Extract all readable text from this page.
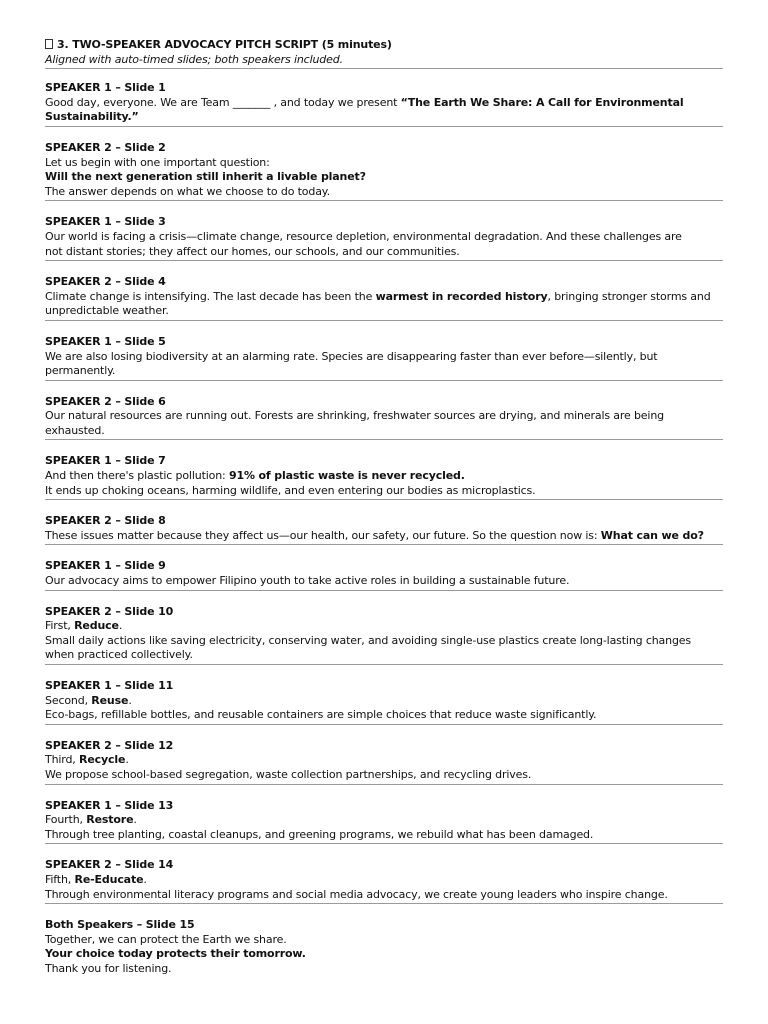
3. TWO-SPEAKER ADVOCACY PITCH SCRIPT (5 minutes)
Aligned with auto-timed slides; both speakers included.
SPEAKER 1 – Slide 1
Good day, everyone. We are Team _______ , and today we present “The Earth We Share: A Call for Environmental
Sustainability.”
SPEAKER 2 – Slide 2
Let us begin with one important question:
Will the next generation still inherit a livable planet?
The answer depends on what we choose to do today.
SPEAKER 1 – Slide 3
Our world is facing a crisis—climate change, resource depletion, environmental degradation. And these challenges are
not distant stories; they affect our homes, our schools, and our communities.
SPEAKER 2 – Slide 4
Climate change is intensifying. The last decade has been the warmest in recorded history, bringing stronger storms and
unpredictable weather.
SPEAKER 1 – Slide 5
We are also losing biodiversity at an alarming rate. Species are disappearing faster than ever before—silently, but
permanently.
SPEAKER 2 – Slide 6
Our natural resources are running out. Forests are shrinking, freshwater sources are drying, and minerals are being
exhausted.
SPEAKER 1 – Slide 7
And then there's plastic pollution: 91% of plastic waste is never recycled.
It ends up choking oceans, harming wildlife, and even entering our bodies as microplastics.
SPEAKER 2 – Slide 8
These issues matter because they affect us—our health, our safety, our future. So the question now is: What can we do?
SPEAKER 1 – Slide 9
Our advocacy aims to empower Filipino youth to take active roles in building a sustainable future.
SPEAKER 2 – Slide 10
First, Reduce.
Small daily actions like saving electricity, conserving water, and avoiding single-use plastics create long-lasting changes
when practiced collectively.
SPEAKER 1 – Slide 11
Second, Reuse.
Eco-bags, refillable bottles, and reusable containers are simple choices that reduce waste significantly.
SPEAKER 2 – Slide 12
Third, Recycle.
We propose school-based segregation, waste collection partnerships, and recycling drives.
SPEAKER 1 – Slide 13
Fourth, Restore.
Through tree planting, coastal cleanups, and greening programs, we rebuild what has been damaged.
SPEAKER 2 – Slide 14
Fifth, Re-Educate.
Through environmental literacy programs and social media advocacy, we create young leaders who inspire change.
Both Speakers – Slide 15
Together, we can protect the Earth we share.
Your choice today protects their tomorrow.
Thank you for listening.
